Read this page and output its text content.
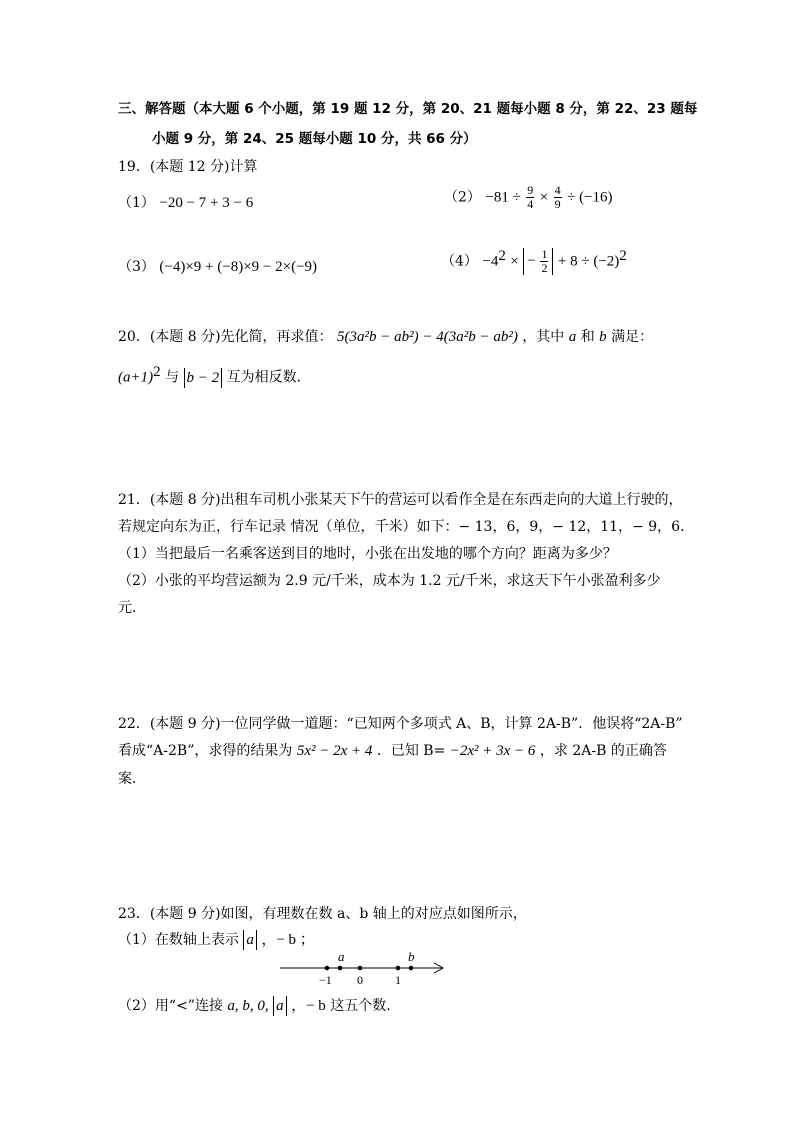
三、解答题（本大题 6 个小题，第 19 题 12 分，第 20、21 题每小题 8 分，第 22、23 题每
小题 9 分，第 24、25 题每小题 10 分，共 66 分）
19．(本题 12 分)计算
（1） −20 − 7 + 3 − 6	$(2) -81 \div \frac{9}{4} \times \frac{4}{9} \div (-16)$
（3） (−4)×9 + (−8)×9 − 2×(−9)	$(4) -4^2$ × − $\frac{1}{2} + 8 \div (-2)^2$
20．(本题 8 分)先化简，再求值： 5(3a²b − ab²) − 4(3a²b − ab²) ，其中 a 和 b 满足：
$(a+1)^2$ 与 b − 2 互为相反数．
21．(本题 8 分)出租车司机小张某天下午的营运可以看作全是在东西走向的大道上行驶的，
若规定向东为正，行车记录 情况（单位，千米）如下：− 13，6，9，− 12，11，− 9，6．
（1）当把最后一名乘客送到目的地时，小张在出发地的哪个方向？距离为多少？
（2）小张的平均营运额为 2.9 元/千米，成本为 1.2 元/千米，求这天下午小张盈利多少
元．
22．(本题 9 分)一位同学做一道题：“已知两个多项式 A、B，计算 2A-B”．他误将“2A-B”
看成“A-2B”，求得的结果为 5x² − 2x + 4 ．已知 B= −2x² + 3x − 6 ，求 2A-B 的正确答
案．
23．(本题 9 分)如图，有理数在数 a、b 轴上的对应点如图所示，
（1）在数轴上表示 a ，− b ；
a	b
−1 0	1
（2）用“<”连接 a, b, 0, a ，− b 这五个数.
